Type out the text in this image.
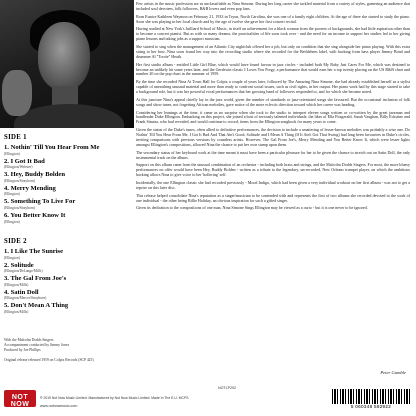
SIDE 1
1. Nothin' Till You Hear From Me
(Ellington)
2. I Got It Bad
(Ellington/Webster)
3. Hey, Buddy Bolden
(Ellington/Strayhorn)
4. Merry Mending
(Ellington)
5. Something To Live For
(Ellington/Strayhorn)
6. You Better Know It
(Ellington)
SIDE 2
1. I Like The Sunrise
(Ellington)
2. Solitude
(Ellington/DeLange/Mills)
3. The Gal From Joe's
(Ellington/Mills)
4. Satin Doll
(Ellington/Mercer/Strayhorn)
5. Don't Mean A Thing
(Ellington/Mills)
With the Malcolm Dodds Singers
Accompaniment conducted by Jimmy Jones
Produced by Joe Phillips

Original release released 1959 on Colpix Records (SCP 425)

Few artists in the music profession are as unclassifiable as Nina Simone. During her long career she tackled material from a variety of styles, garnering an audience that included soul devotees, folk followers, R&B lovers and even pop fans.

Born Eunice Kathleen Waymon on February 21, 1933 in Tryon, North Carolina, she was one of a family eight children. At the age of three she started to study the piano. Soon she was playing in her local church and by the age of twelve she gave her first concert recital.

Having studied at New York's Juilliard School of Music, in itself an achievement for a black woman from the poorest of backgrounds, she had little aspiration other than to become a concert pianist. But as with so many dreams, the practicalities of life soon took over - and the need for an income to support her studies led to her giving piano lessons and taking jobs as a support musician.

She started to sing when the management of an Atlantic City nightclub offered her a job, but only on condition that she sing alongside her piano playing. With this extra string to her bow, Nina soon found her way into the recording studio where she recorded for the Bethlehem label, with backing from bass player Jimmy Bond and drummer Al "Tootie" Heath.

Her first studio album - entitled Little Girl Blue, which would have found favour in jazz circles - included both My Baby Just Cares For Me, which was destined to become an unlikely hit some years later, and the Gershwin classic I Loves You Porgy, a performance that would earn her a top twenty placing on the US R&B chart and number 20 on the pop chart in the summer of 1959.

By the time she recorded Nina At Town Hall for Colpix a couple of years later, followed by The Amazing Nina Simone, she had already established herself as a stylist capable of unearthing unusual material and more than ready to confront social issues, such as civil rights, in her output. Her piano work had by this stage started to take a background role, but it was her powerful vocal performances that her growing band of followers responded to, and for which she became noted.

At this juncture Nina's appeal chiefly lay in the jazz world, given the number of standards or jazz-orientated songs she favoured. But the occasional inclusion of folk songs and show tunes, not forgetting African melodies, gave notice of the more eclectic direction toward which her career was heading.

Considering her leanings at the time, it came as no surprise when she took to the studio to interpret eleven songs written or co-written by the great jazzman and bandleader Duke Ellington. Embarking on this project, she joined a host of seriously talented individuals: the likes of Ella Fitzgerald, Sarah Vaughan, Billy Eckstine and Frank Sinatra, who had revealed, and would continue to record, items from the Ellington songbook for many years to come.

Given the status of the Duke's tunes, often allied to definitive performances, the decision to include a smattering of lesser-known melodies was probably a wise one. Do Nothin' Till You Hear From Me, I Got It Bad And That Ain't Good, Solitude and I Mean A Thing (If It Ain't Got That Swing) had long been favourites in Duke's circles, inviting comparisons with previous versions by countless artists. However, The Gal From Joe's, Merry Mending and You Better Know It, which were lesser lights amongst Ellington's compositions, allowed Nina the chance to put her own stamp upon them.

The secondary status of her keyboard work at the time meant it must have been a particular pleasure for her to be given the chance to stretch out on Satin Doll, the only instrumental track on the album.

Support on this album came from the unusual combination of an orchestra - including both brass and strings, and the Malcolm Dodds Singers. For most, the more bluesy performances on offer would have been Hey, Buddy Bolden - written as a tribute to the legendary, un-recorded, New Orleans trumpet player, on which the ambitious backing allows Nina to give voice to her 'hollering' self.

Incidentally, the one Ellington classic she had recorded previously - Mood Indigo, which had been given a very individual workout on her first album - was not to get a reprise on this later disc.

This release helped consolidate Nina's reputation as a singer/musician to be contended with and represents the first of two albums she recorded devoted to the work of one individual - the other being Billie Holiday, an obvious inspiration for such a gifted singer.

Given its dedication to the compositions of one man, Nina Simone Sings Ellington may be viewed as a curio - but it is one never to be ignored.

Peter Gamble
NOT NOW
NOTLP292
® 2019 Not Now Music Limited. Manufactured by Not Now Music Limited. Made In The E.U. MCPS
www.notnowmusic.com	5 060348 582922
